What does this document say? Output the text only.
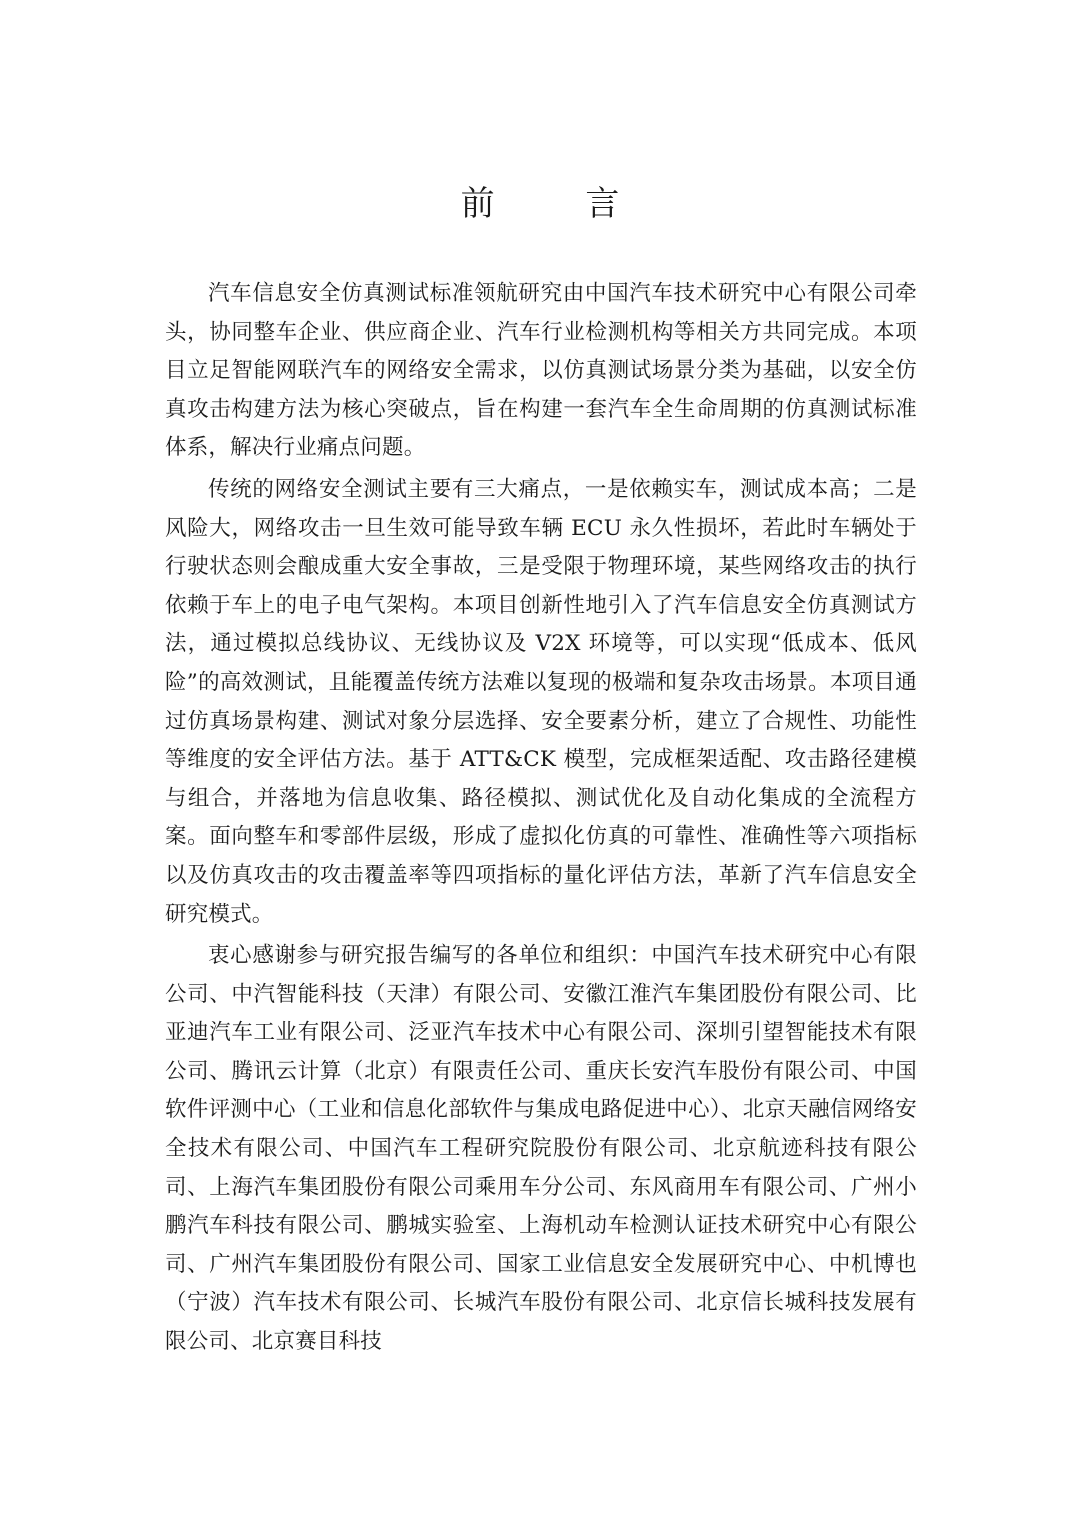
前 言

汽车信息安全仿真测试标准领航研究由中国汽车技术研究中心有限公司牵头，协同整车企业、供应商企业、汽车行业检测机构等相关方共同完成。本项目立足智能网联汽车的网络安全需求，以仿真测试场景分类为基础，以安全仿真攻击构建方法为核心突破点，旨在构建一套汽车全生命周期的仿真测试标准体系，解决行业痛点问题。

传统的网络安全测试主要有三大痛点，一是依赖实车，测试成本高；二是风险大，网络攻击一旦生效可能导致车辆 ECU 永久性损坏，若此时车辆处于行驶状态则会酿成重大安全事故，三是受限于物理环境，某些网络攻击的执行依赖于车上的电子电气架构。本项目创新性地引入了汽车信息安全仿真测试方法，通过模拟总线协议、无线协议及 V2X 环境等，可以实现“低成本、低风险”的高效测试，且能覆盖传统方法难以复现的极端和复杂攻击场景。本项目通过仿真场景构建、测试对象分层选择、安全要素分析，建立了合规性、功能性等维度的安全评估方法。基于 ATT&CK 模型，完成框架适配、攻击路径建模与组合，并落地为信息收集、路径模拟、测试优化及自动化集成的全流程方案。面向整车和零部件层级，形成了虚拟化仿真的可靠性、准确性等六项指标以及仿真攻击的攻击覆盖率等四项指标的量化评估方法，革新了汽车信息安全研究模式。

衷心感谢参与研究报告编写的各单位和组织：中国汽车技术研究中心有限公司、中汽智能科技（天津）有限公司、安徽江淮汽车集团股份有限公司、比亚迪汽车工业有限公司、泛亚汽车技术中心有限公司、深圳引望智能技术有限公司、腾讯云计算（北京）有限责任公司、重庆长安汽车股份有限公司、中国软件评测中心（工业和信息化部软件与集成电路促进中心）、北京天融信网络安全技术有限公司、中国汽车工程研究院股份有限公司、北京航迹科技有限公司、上海汽车集团股份有限公司乘用车分公司、东风商用车有限公司、广州小鹏汽车科技有限公司、鹏城实验室、上海机动车检测认证技术研究中心有限公司、广州汽车集团股份有限公司、国家工业信息安全发展研究中心、中机博也（宁波）汽车技术有限公司、长城汽车股份有限公司、北京信长城科技发展有限公司、北京赛目科技
